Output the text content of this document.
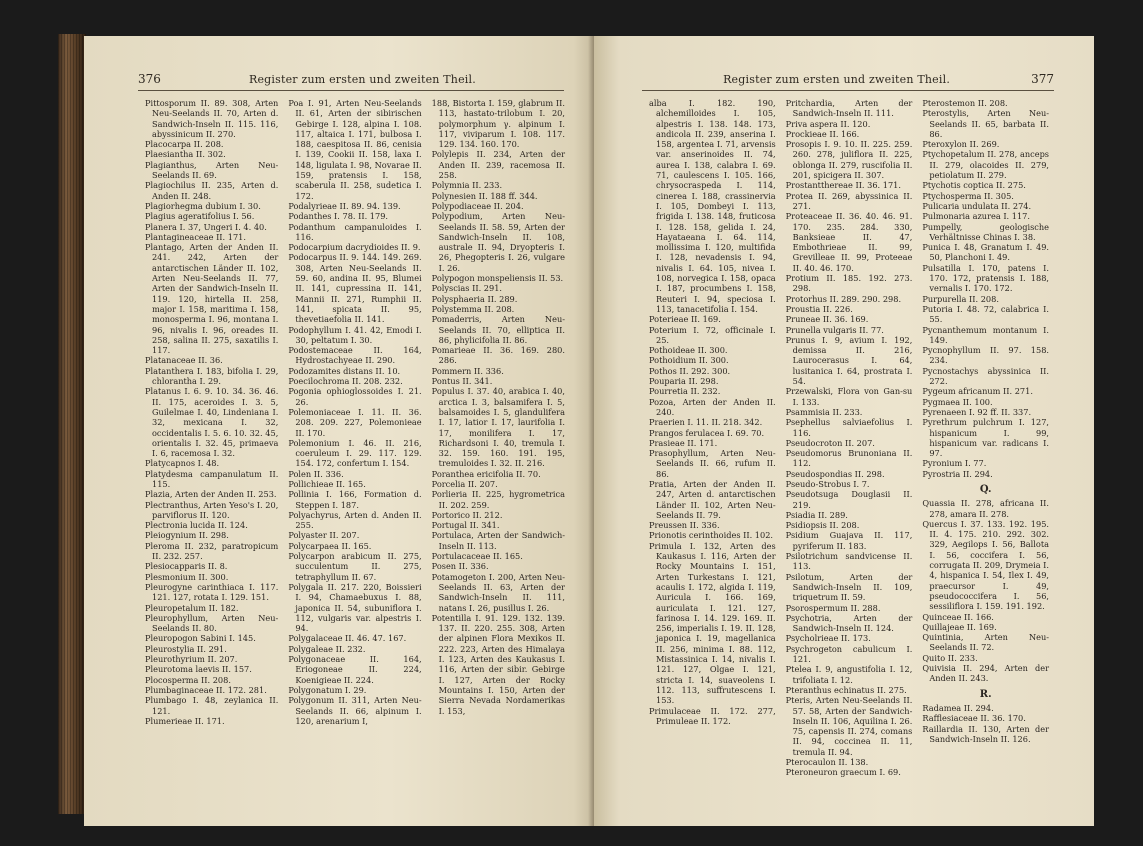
376	Register zum ersten und zweiten Theil.

Pittosporum II. 89. 308, Arten Neu-Seelands II. 70, Arten d. Sandwich-Inseln II. 115. 116, abyssinicum II. 270.

Placocarpa II. 208.

Plaesiantha II. 302.

Plagianthus, Arten Neu-Seelands II. 69.

Plagiochilus II. 235, Arten d. Anden II. 248.

Plagiorhegma dubium I. 30.

Plagius ageratifolius I. 56.

Planera I. 37, Ungeri I. 4. 40.

Plantagineaceae II. 171.

Plantago, Arten der Anden II. 241. 242, Arten der antarctischen Länder II. 102, Arten Neu-Seelands II. 77, Arten der Sandwich-Inseln II. 119. 120, hirtella II. 258, major I. 158, maritima I. 158, monosperma I. 96, montana I. 96, nivalis I. 96, oreades II. 258, salina II. 275, saxatilis I. 117.

Platanaceae II. 36.

Platanthera I. 183, bifolia I. 29, chlorantha I. 29.

Platanus I. 6. 9. 10. 34. 36. 46. II. 175, aceroides I. 3. 5, Guilelmae I. 40, Lindeniana I. 32, mexicana I. 32, occidentalis I. 5. 6. 10. 32. 45, orientalis I. 32. 45, primaeva I. 6, racemosa I. 32.

Platycapnos I. 48.

Platydesma campanulatum II. 115.

Plazia, Arten der Anden II. 253.

Plectranthus, Arten Yeso's I. 20, parviflorus II. 120.

Plectronia lucida II. 124.

Pleiogynium II. 298.

Pleroma II. 232, paratropicum II. 232. 257.

Plesiocapparis II. 8.

Plesmonium II. 300.

Pleurogyne carinthiaca I. 117. 121. 127, rotata I. 129. 151.

Pleuropetalum II. 182.

Pleurophyllum, Arten Neu-Seelands II. 80.

Pleuropogon Sabini I. 145.

Pleurostylia II. 291.

Pleurothyrium II. 207.

Pleurotoma laevis II. 157.

Plocosperma II. 208.

Plumbaginaceae II. 172. 281.

Plumbago I. 48, zeylanica II. 121.

Plumerieae II. 171.

Poa I. 91, Arten Neu-Seelands II. 61, Arten der sibirischen Gebirge I. 128, alpina I. 108. 117, altaica I. 171, bulbosa I. 188, caespitosa II. 86, cenisia I. 139, Cookii II. 158, laxa I. 148, ligulata I. 98, Novarae II. 159, pratensis I. 158, scaberula II. 258, sudetica I. 172.

Podalyrieae II. 89. 94. 139.

Podanthes I. 78. II. 179.

Podanthum campanuloides I. 116.

Podocarpium dacrydioides II. 9.

Podocarpus II. 9. 144. 149. 269. 308, Arten Neu-Seelands II. 59. 60, andina II. 95, Blumei II. 141, cupressina II. 141, Mannii II. 271, Rumphii II. 141, spicata II. 95, thevetiaefolia II. 141.

Podophyllum I. 41. 42, Emodi I. 30, peltatum I. 30.

Podostemaceae II. 164, Hydrostachyeae II. 290.

Podozamites distans II. 10.

Poecilochroma II. 208. 232.

Pogonia ophioglossoides I. 21. 26.

Polemoniaceae I. 11. II. 36. 208. 209. 227, Polemonieae II. 170.

Polemonium I. 46. II. 216, coeruleum I. 29. 117. 129. 154. 172, confertum I. 154.

Polen II. 336.

Pollichieae II. 165.

Pollinia I. 166, Formation d. Steppen I. 187.

Polyachyrus, Arten d. Anden II. 255.

Polyaster II. 207.

Polycarpaea II. 165.

Polycarpon arabicum II. 275, succulentum II. 275, tetraphyllum II. 67.

Polygala II. 217. 220, Boissieri I. 94, Chamaebuxus I. 88, japonica II. 54, subuniflora I. 112, vulgaris var. alpestris I. 94.

Polygalaceae II. 46. 47. 167.

Polygaleae II. 232.

Polygonaceae II. 164, Eriogoneae II. 224, Koenigieae II. 224.

Polygonatum I. 29.

Polygonum II. 311, Arten Neu-Seelands II. 66, alpinum I. 120, arenarium I,

188, Bistorta I. 159, glabrum II. 113, hastato-trilobum I. 20, polymorphum γ. alpinum I. 117, viviparum I. 108. 117. 129. 134. 160. 170.

Polylepis II. 234, Arten der Anden II. 239, racemosa II. 258.

Polymnia II. 233.

Polynesien II. 188 ff. 344.

Polypodiaceae II. 204.

Polypodium, Arten Neu-Seelands II. 58. 59, Arten der Sandwich-Inseln II. 108, australe II. 94, Dryopteris I. 26, Phegopteris I. 26, vulgare I. 26.

Polypogon monspeliensis II. 53.

Polyscias II. 291.

Polysphaeria II. 289.

Polystemma II. 208.

Pomaderris, Arten Neu-Seelands II. 70, elliptica II. 86, phylicifolia II. 86.

Pomarieae II. 36. 169. 280. 286.

Pommern II. 336.

Pontus II. 341.

Populus I. 37. 40, arabica I. 40, arctica I. 3, balsamifera I. 5, balsamoides I. 5, glandulifera I. 17, latior I. 17, laurifolia I. 17, monilifera I. 17, Richardsoni I. 40, tremula I. 32. 159. 160. 191. 195, tremuloides I. 32. II. 216.

Poranthea ericifolia II. 70.

Porcelia II. 207.

Porlieria II. 225, hygrometrica II. 202. 259.

Portorico II. 212.

Portugal II. 341.

Portulaca, Arten der Sandwich-Inseln II. 113.

Portulacaceae II. 165.

Posen II. 336.

Potamogeton I. 200, Arten Neu-Seelands II. 63, Arten der Sandwich-Inseln II. 111, natans I. 26, pusillus I. 26.

Potentilla I. 91. 129. 132. 139. 137. II. 220. 255. 308, Arten der alpinen Flora Mexikos II. 222. 223, Arten des Himalaya I. 123, Arten des Kaukasus I. 116, Arten der sibir. Gebirge I. 127, Arten der Rocky Mountains I. 150, Arten der Sierra Nevada Nordamerikas I. 153,

Register zum ersten und zweiten Theil.	377

alba I. 182. 190, alchemilloides I. 105, alpestris I. 138. 148. 173, andicola II. 239, anserina I. 158, argentea I. 71, arvensis var. anserinoides II. 74, aurea I. 138, calabra I. 69. 71, caulescens I. 105. 166, chrysocraspeda I. 114, cinerea I. 188, crassinervia I. 105, Dombeyi I. 113, frigida I. 138. 148, fruticosa I. 128. 158, gelida I. 24, Hayataeana I. 64. 114, mollissima I. 120, multifida I. 128, nevadensis I. 94, nivalis I. 64. 105, nivea I. 108, norvegica I. 158, opaca I. 187, procumbens I. 158, Reuteri I. 94, speciosa I. 113, tanacetifolia I. 154.

Poterieae II. 169.

Poterium I. 72, officinale I. 25.

Pothoideae II. 300.

Pothoidium II. 300.

Pothos II. 292. 300.

Pouparia II. 298.

Pourretia II. 232.

Pozoa, Arten der Anden II. 240.

Praerien I. 11. II. 218. 342.

Prangos ferulacea I. 69. 70.

Prasieae II. 171.

Prasophyllum, Arten Neu-Seelands II. 66, rufum II. 86.

Pratia, Arten der Anden II. 247, Arten d. antarctischen Länder II. 102, Arten Neu-Seelands II. 79.

Preussen II. 336.

Prionotis cerinthoides II. 102.

Primula I. 132, Arten des Kaukasus I. 116, Arten der Rocky Mountains I. 151, Arten Turkestans I. 121, acaulis I. 172, algida I. 119, Auricula I. 166. 169, auriculata I. 121. 127, farinosa I. 14. 129. 169. II. 256, imperialis I. 19. II. 128, japonica I. 19, magellanica II. 256, minima I. 88. 112, Mistassinica I. 14, nivalis I. 121. 127, Olgae I. 121, stricta I. 14, suaveolens I. 112. 113, suffrutescens I. 153.

Primulaceae II. 172. 277, Primuleae II. 172.

Pritchardia, Arten der Sandwich-Inseln II. 111.

Priva aspera II. 120.

Prockieae II. 166.

Prosopis I. 9. 10. II. 225. 259. 260. 278, juliflora II. 225, oblonga II. 279, ruscifolia II. 201, spicigera II. 307.

Prostantthereae II. 36. 171.

Protea II. 269, abyssinica II. 271.

Proteaceae II. 36. 40. 46. 91. 170. 235. 284. 330, Banksieae II. 47, Embothrieae II. 99, Grevilleae II. 99, Proteeae II. 40. 46. 170.

Protium II. 185. 192. 273. 298.

Protorhus II. 289. 290. 298.

Proustia II. 226.

Pruneae II. 36. 169.

Prunella vulgaris II. 77.

Prunus I. 9, avium I. 192, demissa II. 216, Laurocerasus I. 64, lusitanica I. 64, prostrata I. 54.

Przewalski, Flora von Gan-su I. 133.

Psammisia II. 233.

Psephellus salviaefolius I. 116.

Pseudocroton II. 207.

Pseudomorus Brunoniana II. 112.

Pseudospondias II. 298.

Pseudo-Strobus I. 7.

Pseudotsuga Douglasii II. 219.

Psiadia II. 289.

Psidiopsis II. 208.

Psidium Guajava II. 117, pyriferum II. 183.

Psilotrichum sandvicense II. 113.

Psilotum, Arten der Sandwich-Inseln II. 109, triquetrum II. 59.

Psorospermum II. 288.

Psychotria, Arten der Sandwich-Inseln II. 124.

Psycholrieae II. 173.

Psychrogeton cabulicum I. 121.

Ptelea I. 9, angustifolia I. 12, trifoliata I. 12.

Pteranthus echinatus II. 275.

Pteris, Arten Neu-Seelands II. 57. 58, Arten der Sandwich-Inseln II. 106, Aquilina I. 26. 75, capensis II. 274, comans II. 94, coccinea II. 11, tremula II. 94.

Pterocaulon II. 138.

Pteroneuron graecum I. 69.

Pterostemon II. 208.

Pterostylis, Arten Neu-Seelands II. 65, barbata II. 86.

Pteroxylon II. 269.

Ptychopetalum II. 278, anceps II. 279, olacoides II. 279, petiolatum II. 279.

Ptychotis coptica II. 275.

Ptychosperma II. 305.

Pulicaria undulata II. 274.

Pulmonaria azurea I. 117.

Pumpelly, geologische Verhältnisse Chinas I. 38.

Punica I. 48, Granatum I. 49. 50, Planchoni I. 49.

Pulsatilla I. 170, patens I. 170. 172, pratensis I. 188, vernalis I. 170. 172.

Purpurella II. 208.

Putoria I. 48. 72, calabrica I. 55.

Pycnanthemum montanum I. 149.

Pycnophyllum II. 97. 158. 234.

Pycnostachys abyssinica II. 272.

Pygeum africanum II. 271.

Pygmaea II. 100.

Pyrenaeen I. 92 ff. II. 337.

Pyrethrum pulchrum I. 127, hispanicum I. 99, hispanicum var. radicans I. 97.

Pyronium I. 77.

Pyrostria II. 294.

Q.

Quassia II. 278, africana II. 278, amara II. 278.

Quercus I. 37. 133. 192. 195. II. 4. 175. 210. 292. 302. 329, Aegilops I. 56, Ballota I. 56, coccifera I. 56, corrugata II. 209, Drymeia I. 4, hispanica I. 54, Ilex I. 49, praecursor I. 49, pseudococcifera I. 56, sessiliflora I. 159. 191. 192.

Quinceae II. 166.

Quillajeae II. 169.

Quintinia, Arten Neu-Seelands II. 72.

Quito II. 233.

Quivisia II. 294, Arten der Anden II. 243.

R.

Radamea II. 294.

Rafflesiaceae II. 36. 170.

Raillardia II. 130, Arten der Sandwich-Inseln II. 126.
